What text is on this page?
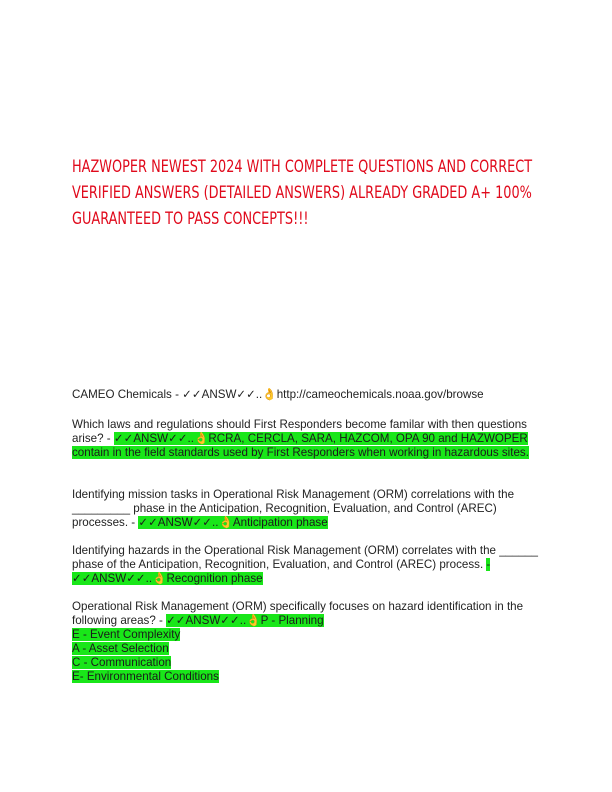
HAZWOPER NEWEST 2024 WITH COMPLETE QUESTIONS AND CORRECT VERIFIED ANSWERS (DETAILED ANSWERS) ALREADY GRADED A+ 100% GUARANTEED TO PASS CONCEPTS!!!

CAMEO Chemicals - ✓✓ANSW✓✓..👌http://cameochemicals.noaa.gov/browse

Which laws and regulations should First Responders become familar with then questions arise? - ✓✓ANSW✓✓..👌RCRA, CERCLA, SARA, HAZCOM, OPA 90 and HAZWOPER contain in the field standards used by First Responders when working in hazardous sites.

Identifying mission tasks in Operational Risk Management (ORM) correlations with the _________ phase in the Anticipation, Recognition, Evaluation, and Control (AREC) processes. - ✓✓ANSW✓✓..👌Anticipation phase

Identifying hazards in the Operational Risk Management (ORM) correlates with the ______ phase of the Anticipation, Recognition, Evaluation, and Control (AREC) process. - ✓✓ANSW✓✓..👌Recognition phase

Operational Risk Management (ORM) specifically focuses on hazard identification in the following areas? - ✓✓ANSW✓✓..👌P - Planning
E - Event Complexity
A - Asset Selection
C - Communication
E- Environmental Conditions
